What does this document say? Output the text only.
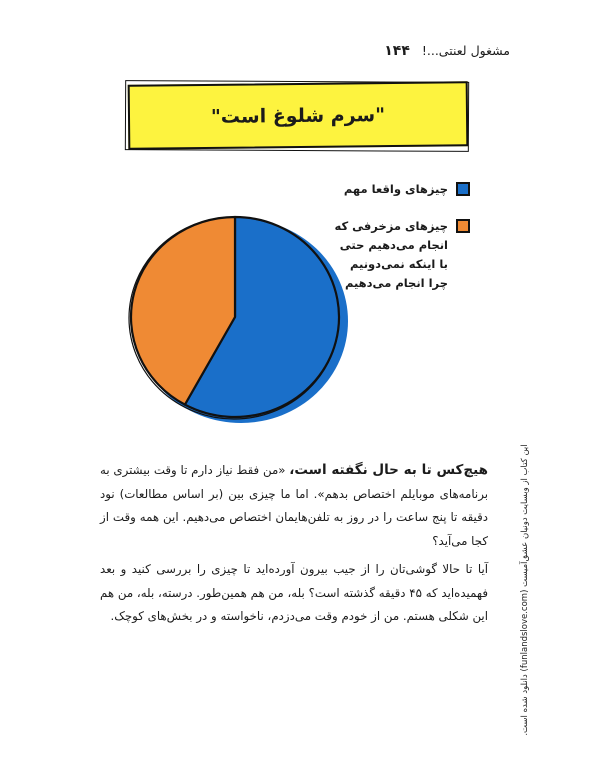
۱۴۴ مشغول لعنتی...!
"سرم شلوغ است"
چیزهای واقعا مهم
چیزهای مزخرفی که
انجام می‌دهیم حتی
با اینکه نمی‌دونیم
چرا انجام می‌دهیم

هیچ‌کس تا به حال نگفته است، «من فقط نیاز دارم تا وقت بیشتری به برنامه‌های موبایلم اختصاص بدهم». اما ما چیزی بین (بر اساس مطالعات) نود دقیقه تا پنج ساعت را در روز به تلفن‌هایمان اختصاص می‌دهیم. این همه وقت از کجا می‌آید؟

آیا تا حالا گوشی‌تان را از جیب بیرون آورده‌اید تا چیزی را بررسی کنید و بعد فهمیده‌اید که ۴۵ دقیقه گذشته است؟ بله، من هم همین‌طور. درسته، بله، من هم این شکلی هستم. من از خودم وقت می‌دزدم، ناخواسته و در بخش‌های کوچک.

این کتاب از وبسایت دونیان عشق‌آمیست (funlandslove.com) دانلود شده است.
